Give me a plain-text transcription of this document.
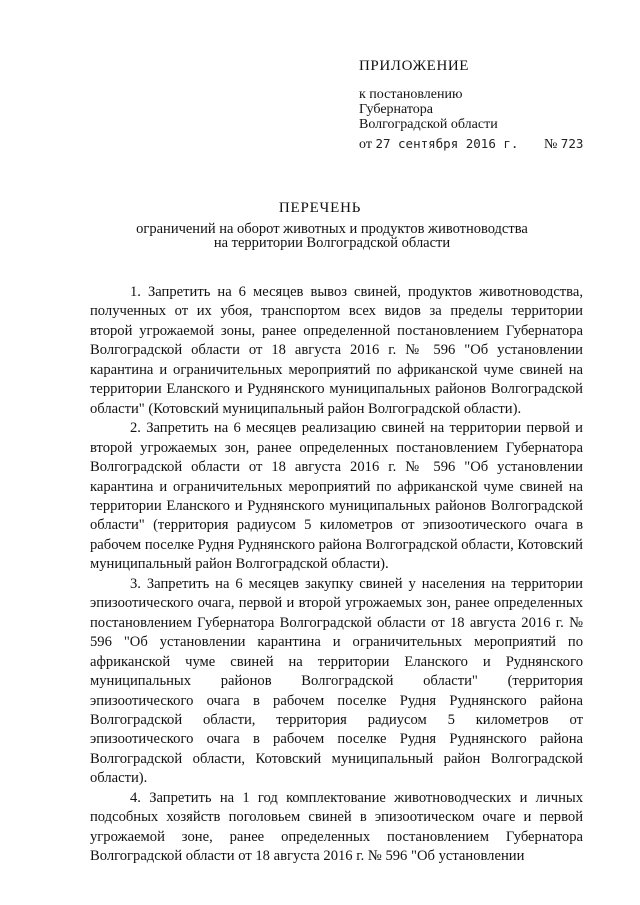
ПРИЛОЖЕНИЕ
к постановлению
Губернатора
Волгоградской области
от 27 сентября 2016 г. № 723
ПЕРЕЧЕНЬ
ограничений на оборот животных и продуктов животноводства
на территории Волгоградской области

1. Запретить на 6 месяцев вывоз свиней, продуктов животноводства, полученных от их убоя, транспортом всех видов за пределы территории второй угрожаемой зоны, ранее определенной постановлением Губернатора Волгоградской области от 18 августа 2016 г. № 596 "Об установлении карантина и ограничительных мероприятий по африканской чуме свиней на территории Еланского и Руднянского муниципальных районов Волгоградской области" (Котовский муниципальный район Волгоградской области).

2. Запретить на 6 месяцев реализацию свиней на территории первой и второй угрожаемых зон, ранее определенных постановлением Губернатора Волгоградской области от 18 августа 2016 г. № 596 "Об установлении карантина и ограничительных мероприятий по африканской чуме свиней на территории Еланского и Руднянского муниципальных районов Волгоградской области" (территория радиусом 5 километров от эпизоотического очага в рабочем поселке Рудня Руднянского района Волгоградской области, Котовский муниципальный район Волгоградской области).

3. Запретить на 6 месяцев закупку свиней у населения на территории эпизоотического очага, первой и второй угрожаемых зон, ранее определенных постановлением Губернатора Волгоградской области от 18 августа 2016 г. № 596 "Об установлении карантина и ограничительных мероприятий по африканской чуме свиней на территории Еланского и Руднянского муниципальных районов Волгоградской области" (территория эпизоотического очага в рабочем поселке Рудня Руднянского района Волгоградской области, территория радиусом 5 километров от эпизоотического очага в рабочем поселке Рудня Руднянского района Волгоградской области, Котовский муниципальный район Волгоградской области).

4. Запретить на 1 год комплектование животноводческих и личных подсобных хозяйств поголовьем свиней в эпизоотическом очаге и первой угрожаемой зоне, ранее определенных постановлением Губернатора Волгоградской области от 18 августа 2016 г. № 596 "Об установлении
